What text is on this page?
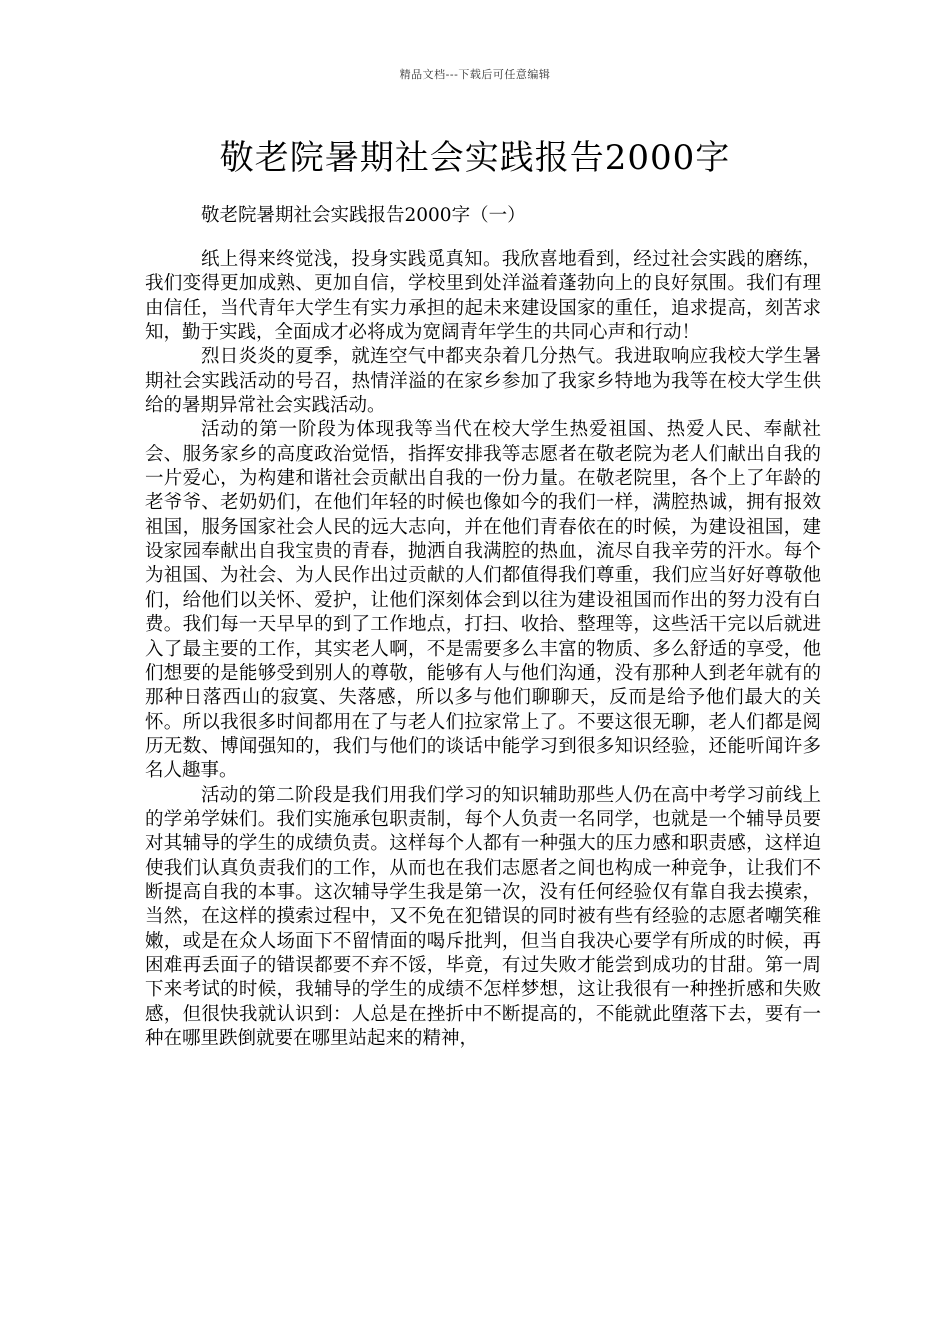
精品文档---下载后可任意编辑
敬老院暑期社会实践报告2000字
敬老院暑期社会实践报告2000字（一）

纸上得来终觉浅，投身实践觅真知。我欣喜地看到，经过社会实践的磨练，我们变得更加成熟、更加自信，学校里到处洋溢着蓬勃向上的良好氛围。我们有理由信任，当代青年大学生有实力承担的起未来建设国家的重任，追求提高，刻苦求知，勤于实践，全面成才必将成为宽阔青年学生的共同心声和行动！

烈日炎炎的夏季，就连空气中都夹杂着几分热气。我进取响应我校大学生暑期社会实践活动的号召，热情洋溢的在家乡参加了我家乡特地为我等在校大学生供给的暑期异常社会实践活动。

活动的第一阶段为体现我等当代在校大学生热爱祖国、热爱人民、奉献社会、服务家乡的高度政治觉悟，指挥安排我等志愿者在敬老院为老人们献出自我的一片爱心，为构建和谐社会贡献出自我的一份力量。在敬老院里，各个上了年龄的老爷爷、老奶奶们，在他们年轻的时候也像如今的我们一样，满腔热诚，拥有报效祖国，服务国家社会人民的远大志向，并在他们青春依在的时候，为建设祖国，建设家园奉献出自我宝贵的青春，抛洒自我满腔的热血，流尽自我辛劳的汗水。每个为祖国、为社会、为人民作出过贡献的人们都值得我们尊重，我们应当好好尊敬他们，给他们以关怀、爱护，让他们深刻体会到以往为建设祖国而作出的努力没有白费。我们每一天早早的到了工作地点，打扫、收拾、整理等，这些活干完以后就进入了最主要的工作，其实老人啊，不是需要多么丰富的物质、多么舒适的享受，他们想要的是能够受到别人的尊敬，能够有人与他们沟通，没有那种人到老年就有的那种日落西山的寂寞、失落感，所以多与他们聊聊天，反而是给予他们最大的关怀。所以我很多时间都用在了与老人们拉家常上了。不要这很无聊，老人们都是阅历无数、博闻强知的，我们与他们的谈话中能学习到很多知识经验，还能听闻许多名人趣事。

活动的第二阶段是我们用我们学习的知识辅助那些人仍在高中考学习前线上的学弟学妹们。我们实施承包职责制，每个人负责一名同学，也就是一个辅导员要对其辅导的学生的成绩负责。这样每个人都有一种强大的压力感和职责感，这样迫使我们认真负责我们的工作，从而也在我们志愿者之间也构成一种竞争，让我们不断提高自我的本事。这次辅导学生我是第一次，没有任何经验仅有靠自我去摸索，当然，在这样的摸索过程中，又不免在犯错误的同时被有些有经验的志愿者嘲笑稚嫩，或是在众人场面下不留情面的喝斥批判，但当自我决心要学有所成的时候，再困难再丢面子的错误都要不弃不馁，毕竟，有过失败才能尝到成功的甘甜。第一周下来考试的时候，我辅导的学生的成绩不怎样梦想，这让我很有一种挫折感和失败感，但很快我就认识到：人总是在挫折中不断提高的，不能就此堕落下去，要有一种在哪里跌倒就要在哪里站起来的精神，
